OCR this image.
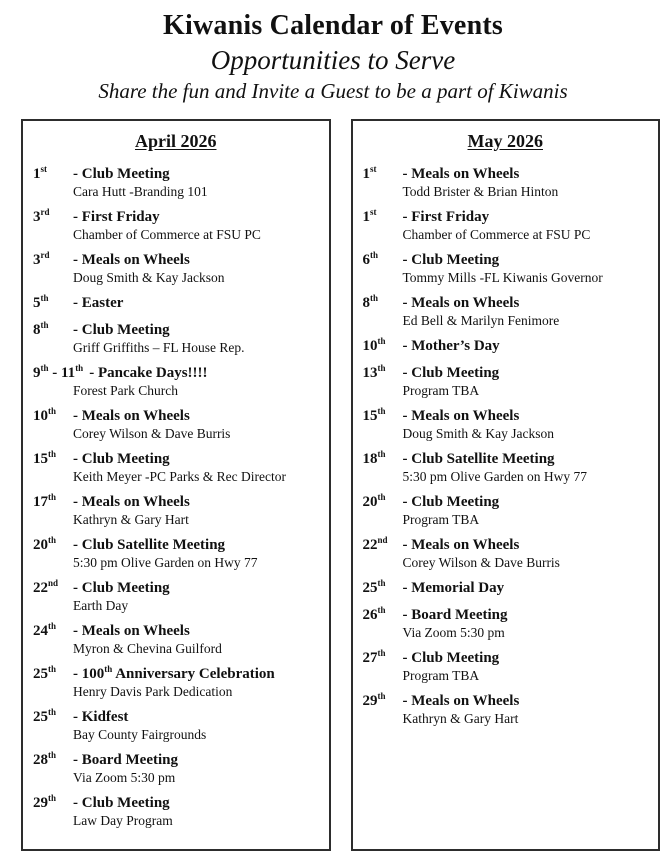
Kiwanis Calendar of Events
Opportunities to Serve
Share the fun and Invite a Guest to be a part of Kiwanis
April 2026
1st	- Club Meeting
Cara Hutt -Branding 101
3rd	- First Friday
Chamber of Commerce at FSU PC
3rd	- Meals on Wheels
Doug Smith & Kay Jackson
5th	- Easter
8th	- Club Meeting
Griff Griffiths – FL House Rep.
9th - 11th - Pancake Days!!!!
Forest Park Church
10th	- Meals on Wheels
Corey Wilson & Dave Burris
15th	- Club Meeting
Keith Meyer -PC Parks & Rec Director
17th	- Meals on Wheels
Kathryn & Gary Hart
20th	- Club Satellite Meeting
5:30 pm Olive Garden on Hwy 77
22nd - Club Meeting
Earth Day
24th	- Meals on Wheels
Myron & Chevina Guilford
25th	- 100th Anniversary Celebration
Henry Davis Park Dedication
25th	- Kidfest
Bay County Fairgrounds
28th	- Board Meeting
Via Zoom 5:30 pm
29th	- Club Meeting
Law Day Program
May 2026
1st	- Meals on Wheels
Todd Brister & Brian Hinton
1st	- First Friday
Chamber of Commerce at FSU PC
6th	- Club Meeting
Tommy Mills -FL Kiwanis Governor
8th	- Meals on Wheels
Ed Bell & Marilyn Fenimore
10th	- Mother’s Day
13th	- Club Meeting
Program TBA
15th	- Meals on Wheels
Doug Smith & Kay Jackson
18th	- Club Satellite Meeting
5:30 pm Olive Garden on Hwy 77
20th	- Club Meeting
Program TBA
22nd - Meals on Wheels
Corey Wilson & Dave Burris
25th	- Memorial Day
26th	- Board Meeting
Via Zoom 5:30 pm
27th	- Club Meeting
Program TBA
29th	- Meals on Wheels
Kathryn & Gary Hart
